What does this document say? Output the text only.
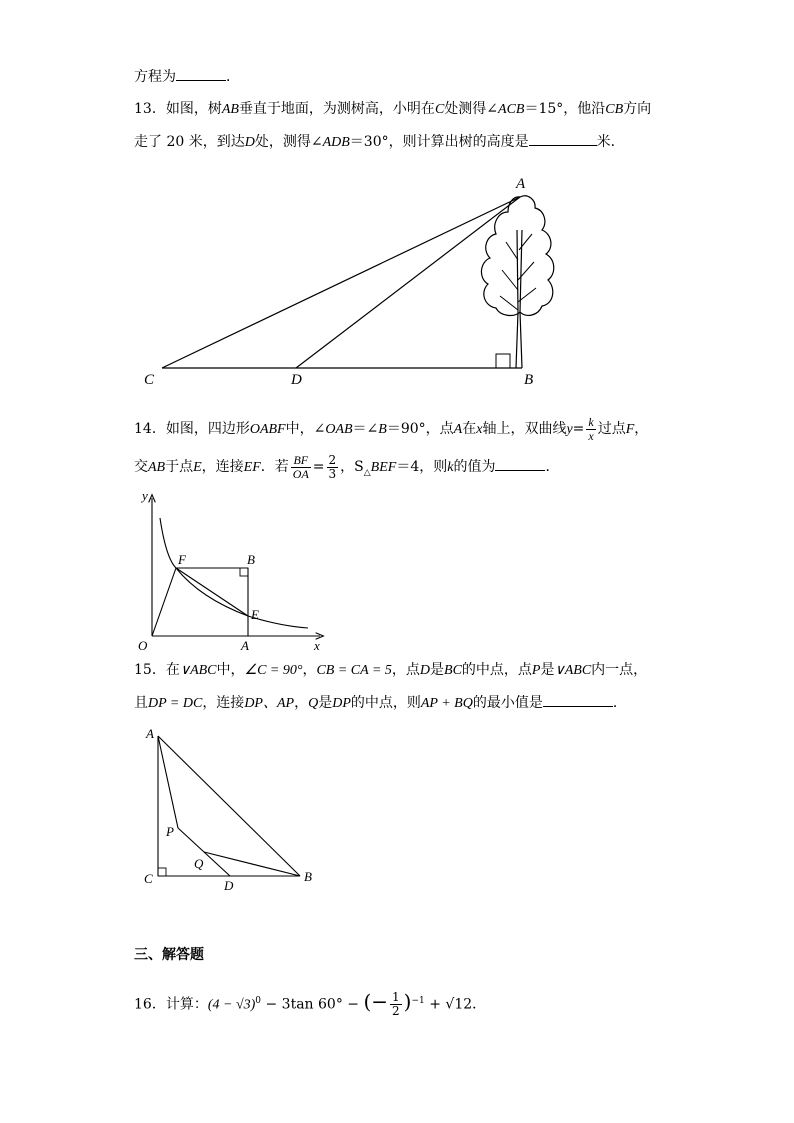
方程为	．
13．如图，树AB垂直于地面，为测树高，小明在C处测得∠ACB＝15°，他沿CB方向
走了 20 米，到达D处，测得∠ADB＝30°，则计算出树的高度是	米．
A
B
C	D
14．如图，四边形OABF中，∠OAB＝∠B＝90°，点A在x轴上，双曲线$y= \frac{k}{x}$ 过点F，
交AB于点E，连接EF．若 $\frac{BF}{OA} = \frac{2}{3}$ ，$S_\triangle BEF=4$，则k的值为	．
y
x
O
F	B
E
A
15．在∨ABC中，∠C = 90°，CB = CA = 5，点D是BC的中点，点P是∨ABC内一点，
且DP = DC，连接DP、AP，Q是DP的中点，则AP + BQ的最小值是	．
A
P
Q
C	D
B
三、解答题
16．计算：$(4 - √3)^0 - 3\tan$ 60° − (− $\frac{1}{2} )^{-1} + √12$．
